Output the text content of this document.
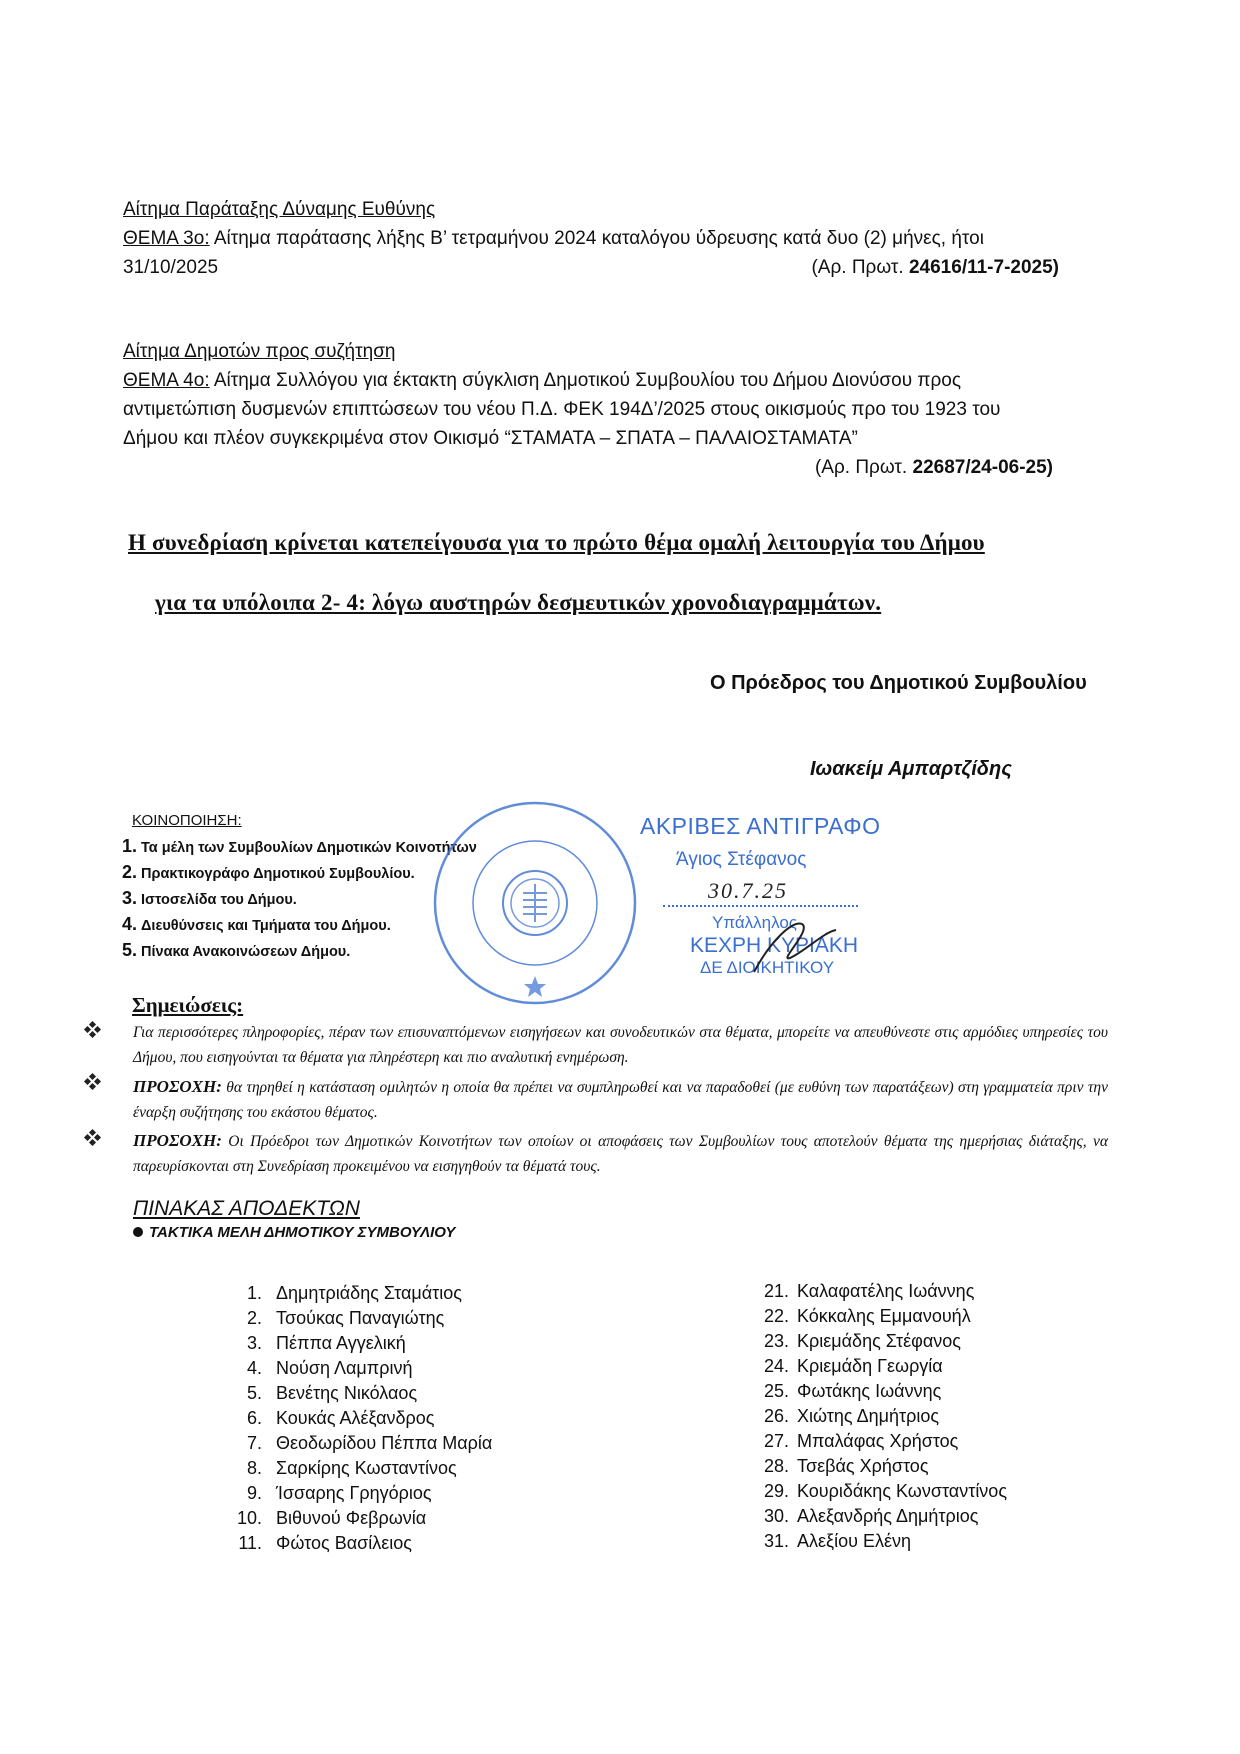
Αίτημα Παράταξης Δύναμης Ευθύνης
ΘΕΜΑ 3ο: Αίτημα παράτασης λήξης Β’ τετραμήνου 2024 καταλόγου ύδρευσης κατά δυο (2) μήνες, ήτοι
31/10/2025	(Αρ. Πρωτ. 24616/11-7-2025)
Αίτημα Δημοτών προς συζήτηση
ΘΕΜΑ 4ο: Αίτημα Συλλόγου για έκτακτη σύγκλιση Δημοτικού Συμβουλίου του Δήμου Διονύσου προς
αντιμετώπιση δυσμενών επιπτώσεων του νέου Π.Δ. ΦΕΚ 194Δ’/2025 στους οικισμούς προ του 1923 του
Δήμου και πλέον συγκεκριμένα στον Οικισμό “ΣΤΑΜΑΤΑ – ΣΠΑΤΑ – ΠΑΛΑΙΟΣΤΑΜΑΤΑ”
(Αρ. Πρωτ. 22687/24-06-25)
Η συνεδρίαση κρίνεται κατεπείγουσα για το πρώτο θέμα ομαλή λειτουργία του Δήμου
για τα υπόλοιπα 2- 4: λόγω αυστηρών δεσμευτικών χρονοδιαγραμμάτων.
Ο Πρόεδρος του Δημοτικού Συμβουλίου
Ιωακείμ Αμπαρτζίδης
ΚΟΙΝΟΠΟΙΗΣΗ:
1. Τα μέλη των Συμβουλίων Δημοτικών Κοινοτήτων
2. Πρακτικογράφο Δημοτικού Συμβουλίου.
3. Ιστοσελίδα του Δήμου.
4. Διευθύνσεις και Τμήματα του Δήμου.
5. Πίνακα Ανακοινώσεων Δήμου.
ΑΚΡΙΒΕΣ ΑΝΤΙΓΡΑΦΟ
Άγιος Στέφανος
30.7.25
Υπάλληλος
ΚΕΧΡΗ ΚΥΡΙΑΚΗ
ΔΕ ΔΙΟΙΚΗΤΙΚΟΥ
Σημειώσεις:
Για περισσότερες πληροφορίες, πέραν των επισυναπτόμενων εισηγήσεων και συνοδευτικών στα θέματα, μπορείτε να απευθύνεστε στις αρμόδιες υπηρεσίες του Δήμου, που εισηγούνται τα θέματα για πληρέστερη και πιο αναλυτική ενημέρωση.
ΠΡΟΣΟΧΗ: θα τηρηθεί η κατάσταση ομιλητών η οποία θα πρέπει να συμπληρωθεί και να παραδοθεί (με ευθύνη των παρατάξεων) στη γραμματεία πριν την έναρξη συζήτησης του εκάστου θέματος.
ΠΡΟΣΟΧΗ: Οι Πρόεδροι των Δημοτικών Κοινοτήτων των οποίων οι αποφάσεις των Συμβουλίων τους αποτελούν θέματα της ημερήσιας διάταξης, να παρευρίσκονται στη Συνεδρίαση προκειμένου να εισηγηθούν τα θέματά τους.
ΠΙΝΑΚΑΣ ΑΠΟΔΕΚΤΩΝ
ΤΑΚΤΙΚΑ ΜΕΛΗ ΔΗΜΟΤΙΚΟΥ ΣΥΜΒΟΥΛΙΟΥ
1. Δημητριάδης Σταμάτιος
2. Τσούκας Παναγιώτης
3. Πέππα Αγγελική
4. Νούση Λαμπρινή
5. Βενέτης Νικόλαος
6. Κουκάς Αλέξανδρος
7. Θεοδωρίδου Πέππα Μαρία
8. Σαρκίρης Κωσταντίνος
9. Ίσσαρης Γρηγόριος
10. Βιθυνού Φεβρωνία
11. Φώτος Βασίλειος
21. Καλαφατέλης Ιωάννης
22. Κόκκαλης Εμμανουήλ
23. Κριεμάδης Στέφανος
24. Κριεμάδη Γεωργία
25. Φωτάκης Ιωάννης
26. Χιώτης Δημήτριος
27. Μπαλάφας Χρήστος
28. Τσεβάς Χρήστος
29. Κουριδάκης Κωνσταντίνος
30. Αλεξανδρής Δημήτριος
31. Αλεξίου Ελένη
